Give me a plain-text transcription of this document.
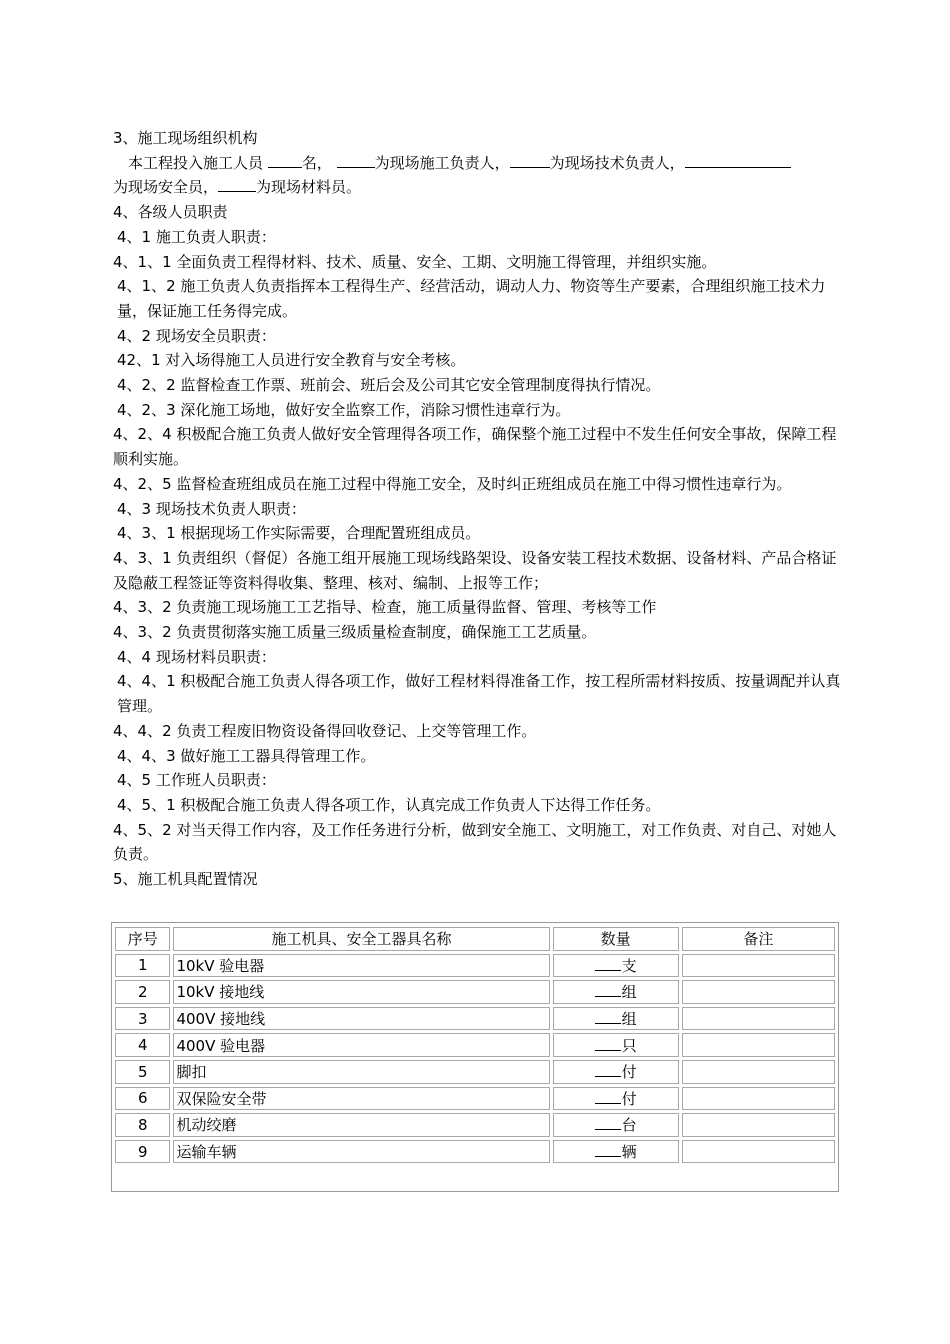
3、施工现场组织机构
　本工程投入施工人员	名，	为现场施工负责人，	为现场技术负责人，
为现场安全员，	为现场材料员。
4、各级人员职责
4、1 施工负责人职责：
4、1、1 全面负责工程得材料、技术、质量、安全、工期、文明施工得管理，并组织实施。
4、1、2 施工负责人负责指挥本工程得生产、经营活动，调动人力、物资等生产要素，合理组织施工技术力量，保证施工任务得完成。
4、2 现场安全员职责：
42、1 对入场得施工人员进行安全教育与安全考核。
4、2、2 监督检查工作票、班前会、班后会及公司其它安全管理制度得执行情况。
4、2、3 深化施工场地，做好安全监察工作，消除习惯性违章行为。
4、2、4 积极配合施工负责人做好安全管理得各项工作，确保整个施工过程中不发生任何安全事故，保障工程顺利实施。
4、2、5 监督检查班组成员在施工过程中得施工安全，及时纠正班组成员在施工中得习惯性违章行为。
4、3 现场技术负责人职责：
4、3、1 根据现场工作实际需要，合理配置班组成员。
4、3、1 负责组织（督促）各施工组开展施工现场线路架设、设备安装工程技术数据、设备材料、产品合格证及隐蔽工程签证等资料得收集、整理、核对、编制、上报等工作；
4、3、2 负责施工现场施工工艺指导、检查，施工质量得监督、管理、考核等工作
4、3、2 负责贯彻落实施工质量三级质量检查制度，确保施工工艺质量。
4、4 现场材料员职责：
4、4、1 积极配合施工负责人得各项工作，做好工程材料得准备工作，按工程所需材料按质、按量调配并认真管理。
4、4、2 负责工程废旧物资设备得回收登记、上交等管理工作。
4、4、3 做好施工工器具得管理工作。
4、5 工作班人员职责：
4、5、1 积极配合施工负责人得各项工作，认真完成工作负责人下达得工作任务。
4、5、2 对当天得工作内容，及工作任务进行分析，做到安全施工、文明施工，对工作负责、对自己、对她人负责。
5、施工机具配置情况
序号	施工机具、安全工器具名称	数量	备注
1	10kV 验电器	支	
2	10kV 接地线	组	
3	400V 接地线	组	
4	400V 验电器	只	
5	脚扣	付	
6	双保险安全带	付	
8	机动绞磨	台	
9	运输车辆	辆	
